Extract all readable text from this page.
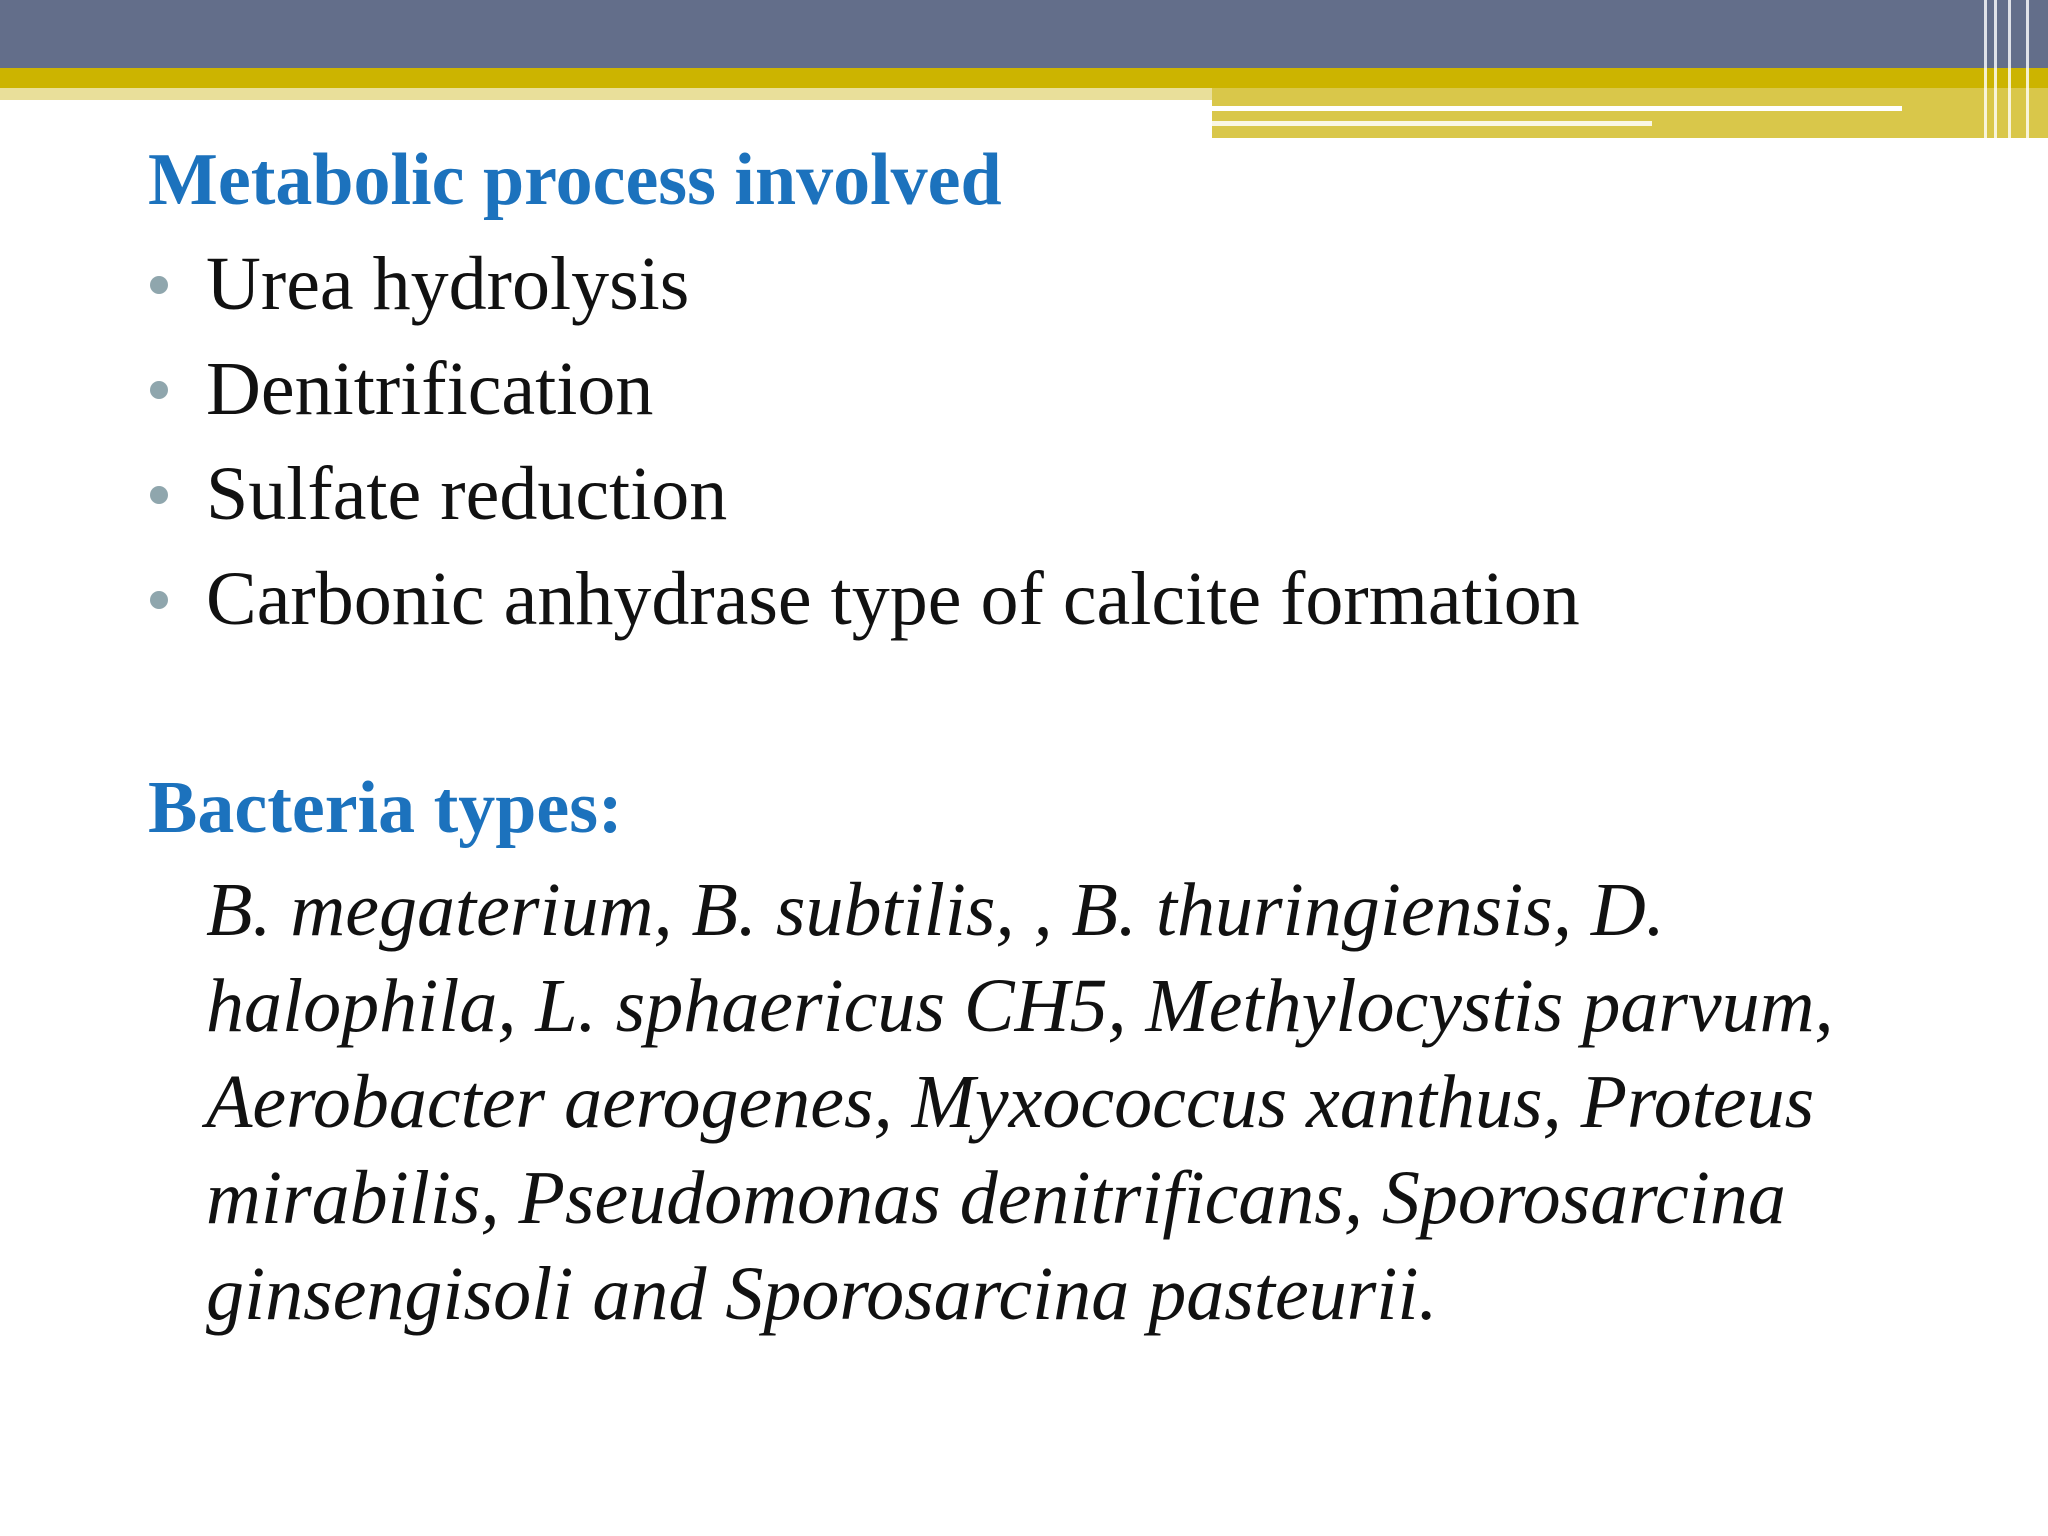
Metabolic process involved
Urea hydrolysis
Denitrification
Sulfate reduction
Carbonic anhydrase type of calcite formation
Bacteria types:

B. megaterium, B. subtilis, , B. thuringiensis, D. halophila, L. sphaericus CH5, Methylocystis parvum, Aerobacter aerogenes, Myxococcus xanthus, Proteus mirabilis, Pseudomonas denitrificans, Sporosarcina ginsengisoli and Sporosarcina pasteurii.
